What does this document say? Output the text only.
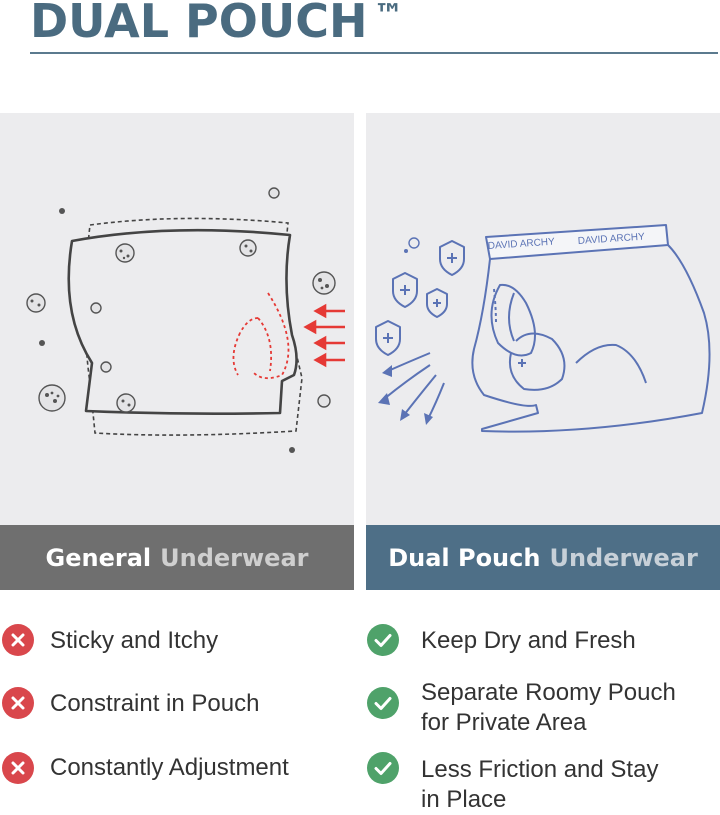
DUAL POUCH ™
General Underwear
DAVID ARCHY DAVID ARCHY
Dual Pouch Underwear
Sticky and Itchy
Constraint in Pouch
Constantly Adjustment
Keep Dry and Fresh
Separate Roomy Pouch
for Private Area
Less Friction and Stay
in Place
